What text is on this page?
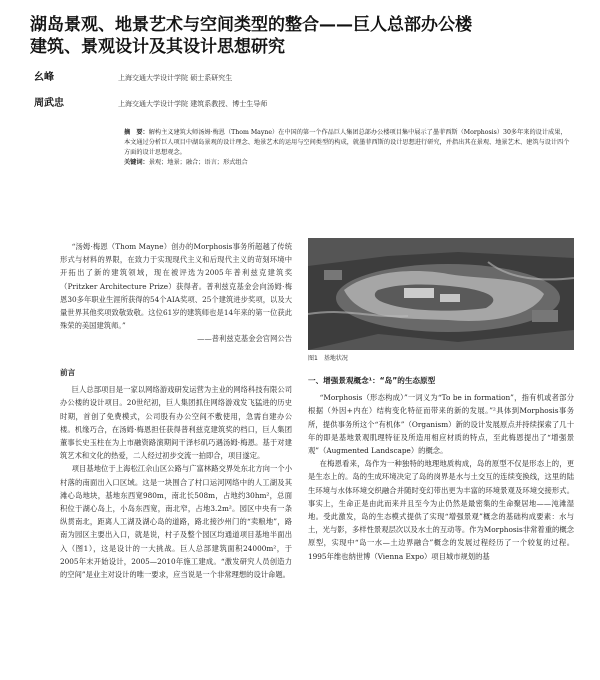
湖岛景观、地景艺术与空间类型的整合——巨人总部办公楼
建筑、景观设计及其设计思想研究
幺峰	上海交通大学设计学院 硕士系研究生
周武忠	上海交通大学设计学院 建筑系教授、博士生导师

摘　要：解构主义建筑大师汤姆·梅恩（Thom Mayne）在中国的第一个作品巨人集团总部办公楼项目集中展示了墨菲西斯（Morphosis）30多年来的设计成果，本文通过分析巨人项目中湖岛景观的设计理念、地景艺术的运用与空间类型的构成，就墨菲西斯的设计思想进行研究，并指出其在景观、地景艺术、建筑与设计四个方面的设计思想观念。

关键词：景观；地景；融合；语言；形式组合

“汤姆·梅恩（Thom Mayne）创办的Morphosis事务所超越了传统形式与材料的界限，在致力于实现现代主义和后现代主义的苛刻环境中开拓出了新的建筑领域，现在被评选为2005年普利兹克建筑奖（Pritzker Architecture Prize）获得者。普利兹克基金会向汤姆·梅恩30多年职业生涯所获得的54个AIA奖项、25个建筑进步奖项，以及大量世界其他奖项致敬致敬。这位61岁的建筑师也是14年来的第一位获此殊荣的美国建筑师。”

——普利兹克基金会官网公告

前言

巨人总部项目是一家以网络游戏研发运营为主业的网络科技有限公司办公楼的设计项目。20世纪初，巨人集团抓住网络游戏发飞猛进的历史时期，首创了免费模式，公司股有办公空间不敷使用，急需自建办公楼。机缘巧合，在汤姆·梅恩担任获得普利兹克建筑奖的档口，巨人集团董事长史玉柱在为上市融资路演期间干泽杉矶巧遇汤姆·梅恩。基于对建筑艺术和文化的热爱，二人经过初步交流一拍即合，项目遂定。

项目基地位于上海松江佘山区公路与广富林路交界处东北方向一个小村落的南面出入口区域。这是一块围合了村口运河网络中的人工湖及其滩心岛地块，基地东西宽980m，南北长508m，占地约30hm²，总面积位于湖心岛上，小岛东西宽，南北窄，占地3.2m²。园区中央有一条纵贯南北，距离人工湖及湖心岛的道路，路北接沙州门的“卖粮地”，路南为园区主要出入口，就是说，村子及整个园区均通道项目基地半面出入（图1），这是设计的一大挑战。巨人总部建筑面积24000m²，于2005年末开始设计，2005—2010年施工建成。“激发研究人员创造力的空间”是业主对设计的唯一要求，应当说是一个非常理想的设计命题。

图1　基地状况
一、增强景观概念¹：“岛”的生态原型

“Morphosis（形态构成）”一词义为“To be in formation”，指有机或者部分根据（外因+内在）结构变化特征而带来的新的发展。”²具体到Morphosis事务所，提供事务所这个“有机体”（Organism）新的设计发展原点并持续探索了几十年的即是基地景观肌理特征及所造用相应材质的特点，至此梅恩提出了“增强景观”（Augmented Landscape）的概念。

在梅恩看来，岛作为一种独特的地理地质构成，岛的原型不仅是形态上的，更是生态上的。岛的生成环境决定了岛的岗界是水与土交互的连续变换线，这里的陆生环境与水体环境交织融合并随时变幻带出更为丰富的环境景观及环境交接形式。事实上，生命正是由此而来并且至今为止仍然是最密集的生命聚居地——沌滩湿地。受此激发，岛的生态模式提供了实现“增强景观”概念的基础构成要素：水与土，光与影，多样性景观层次以及水土的互动等。作为Morphosis非常着重的概念原型，实现中“岛一水—土边界融合”概念的发展过程经历了一个较复的过程。1995年维也纳世博（Vienna Expo）项目城市规划的基
